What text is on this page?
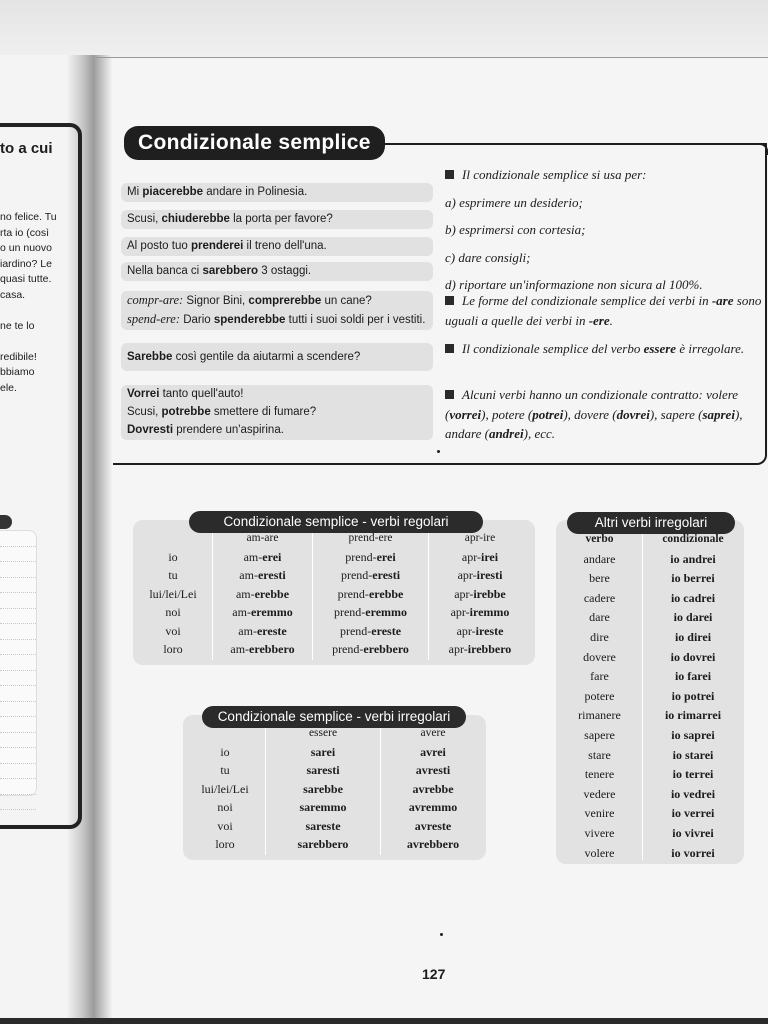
to a cui
no felice. Tu
rta io (così
o un nuovo
iardino? Le
quasi tutte.
casa.
ne te lo
redibile!
bbiamo
ele.
Condizionale semplice
Mi piacerebbe andare in Polinesia.
Scusi, chiuderebbe la porta per favore?
Al posto tuo prenderei il treno dell'una.
Nella banca ci sarebbero 3 ostaggi.
compr-are: Signor Bini, comprerebbe un cane?
spend-ere: Dario spenderebbe tutti i suoi soldi per i vestiti.
Sarebbe così gentile da aiutarmi a scendere?
Vorrei tanto quell'auto!
Scusi, potrebbe smettere di fumare?
Dovresti prendere un'aspirina.
Il condizionale semplice si usa per:
a) esprimere un desiderio;
b) esprimersi con cortesia;
c) dare consigli;
d) riportare un'informazione non sicura al 100%.
Le forme del condizionale semplice dei verbi in -are sono uguali a quelle dei verbi in -ere.
Il condizionale semplice del verbo essere è irregolare.
Alcuni verbi hanno un condizionale contratto: volere (vorrei), potere (potrei), dovere (dovrei), sapere (saprei), andare (andrei), ecc.
Condizionale semplice - verbi regolari
io
tu
lui/lei/Lei
noi
voi
loro
am-are
am-erei
am-eresti
am-erebbe
am-eremmo
am-ereste
am-erebbero
prend-ere
prend-erei
prend-eresti
prend-erebbe
prend-eremmo
prend-ereste
prend-erebbero
apr-ire
apr-irei
apr-iresti
apr-irebbe
apr-iremmo
apr-ireste
apr-irebbero
Condizionale semplice - verbi irregolari
io
tu
lui/lei/Lei
noi
voi
loro
essere
sarei
saresti
sarebbe
saremmo
sareste
sarebbero
avere
avrei
avresti
avrebbe
avremmo
avreste
avrebbero
Altri verbi irregolari
verbo
andare
bere
cadere
dare
dire
dovere
fare
potere
rimanere
sapere
stare
tenere
vedere
venire
vivere
volere
condizionale
io andrei
io berrei
io cadrei
io darei
io direi
io dovrei
io farei
io potrei
io rimarrei
io saprei
io starei
io terrei
io vedrei
io verrei
io vivrei
io vorrei
127
